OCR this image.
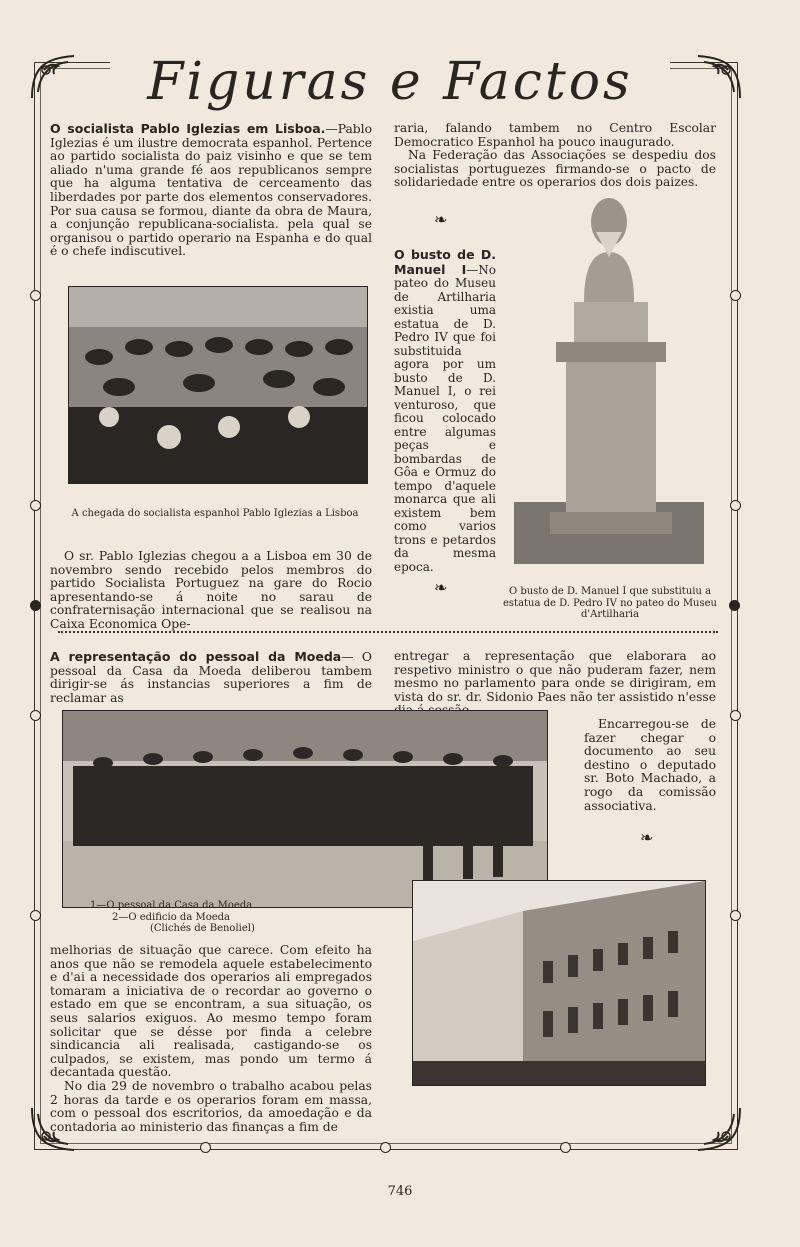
Figuras e Factos

O socialista Pablo Iglezias em Lisboa.—Pablo Iglezias é um ilustre democrata espanhol. Pertence ao partido socialista do paiz visinho e que se tem aliado n'uma grande fé aos republicanos sempre que ha alguma tentativa de cerceamento das liberdades por parte dos elementos conservadores. Por sua causa se formou, diante da obra de Maura, a conjunção republicana-socialista. pela qual se organisou o partido operario na Espanha e do qual é o chefe indiscutivel.

A chegada do socialista espanhol Pablo Iglezias a Lisboa

O sr. Pablo Iglezias chegou a a Lisboa em 30 de novembro sendo recebido pelos membros do partido Socialista Portuguez na gare do Rocio apresentando-se á noite no sarau de confraternisação internacional que se realisou na Caixa Economica Ope-

raria, falando tambem no Centro Escolar Democratico Espanhol ha pouco inaugurado.

Na Federação das Associações se despediu dos socialistas portuguezes firmando-se o pacto de solidariedade entre os operarios dos dois paizes.

❧

O busto de D. Manuel I—No pateo do Museu de Artilharia existia uma estatua de D. Pedro IV que foi substituida agora por um busto de D. Manuel I, o rei venturoso, que ficou colocado entre algumas peças e bombardas de Gôa e Ormuz do tempo d'aquele monarca que ali existem bem como varios trons e petardos da mesma epoca.

O busto de D. Manuel I que substituiu a estatua de D. Pedro IV no pateo do Museu d'Artilharia
❧

A representação do pessoal da Moeda— O pessoal da Casa da Moeda deliberou tambem dirigir-se ás instancias superiores a fim de reclamar as

entregar a representação que elaborara ao respetivo ministro o que não puderam fazer, nem mesmo no parlamento para onde se dirigiram, em vista do sr. dr. Sidonio Paes não ter assistido n'esse

Encarregou-se de fazer chegar o documento ao seu destino o deputado sr. Boto Machado, a rogo da comissão associativa.

❧
1—O pessoal da Casa da Moeda
2—O edificio da Moeda
(Clichés de Benoliel)

melhorias de situação que carece. Com efeito ha anos que não se remodela aquele estabelecimento e d'ai a necessidade dos operarios ali empregados tomaram a iniciativa de o recordar ao governo o estado em que se encontram, a sua situação, os seus salarios exiguos. Ao mesmo tempo foram solicitar que se désse por finda a celebre sindicancia ali realisada, castigando-se os culpados, se existem, mas pondo um termo á decantada questão.

No dia 29 de novembro o trabalho acabou pelas 2 horas da tarde e os operarios foram em massa, com o pessoal dos escritorios, da amoedação e da contadoria ao ministerio das finanças a fim de

746
